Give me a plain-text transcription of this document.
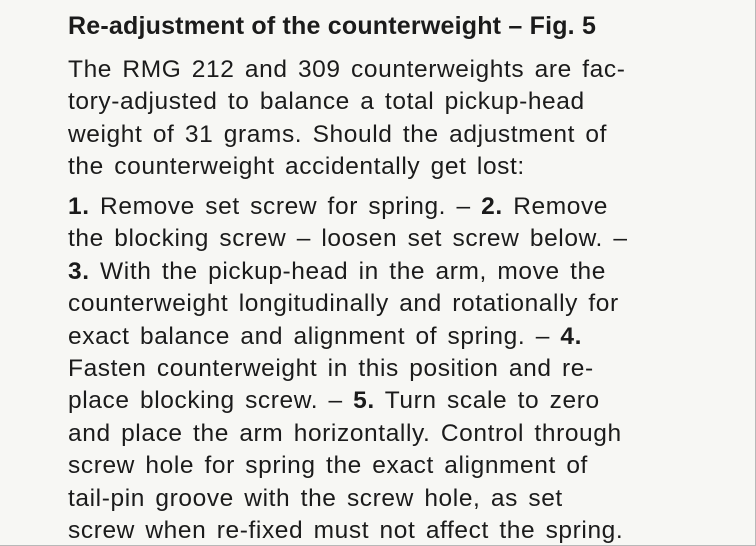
Re-adjustment of the counterweight – Fig. 5

The RMG 212 and 309 counterweights are fac-
tory-adjusted to balance a total pickup-head
weight of 31 grams. Should the adjustment of
the counterweight accidentally get lost:

1. Remove set screw for spring. – 2. Remove
the blocking screw – loosen set screw below. –
3. With the pickup-head in the arm, move the
counterweight longitudinally and rotationally for
exact balance and alignment of spring. – 4.
Fasten counterweight in this position and re-
place blocking screw. – 5. Turn scale to zero
and place the arm horizontally. Control through
screw hole for spring the exact alignment of
tail-pin groove with the screw hole, as set
screw when re-fixed must not affect the spring.
